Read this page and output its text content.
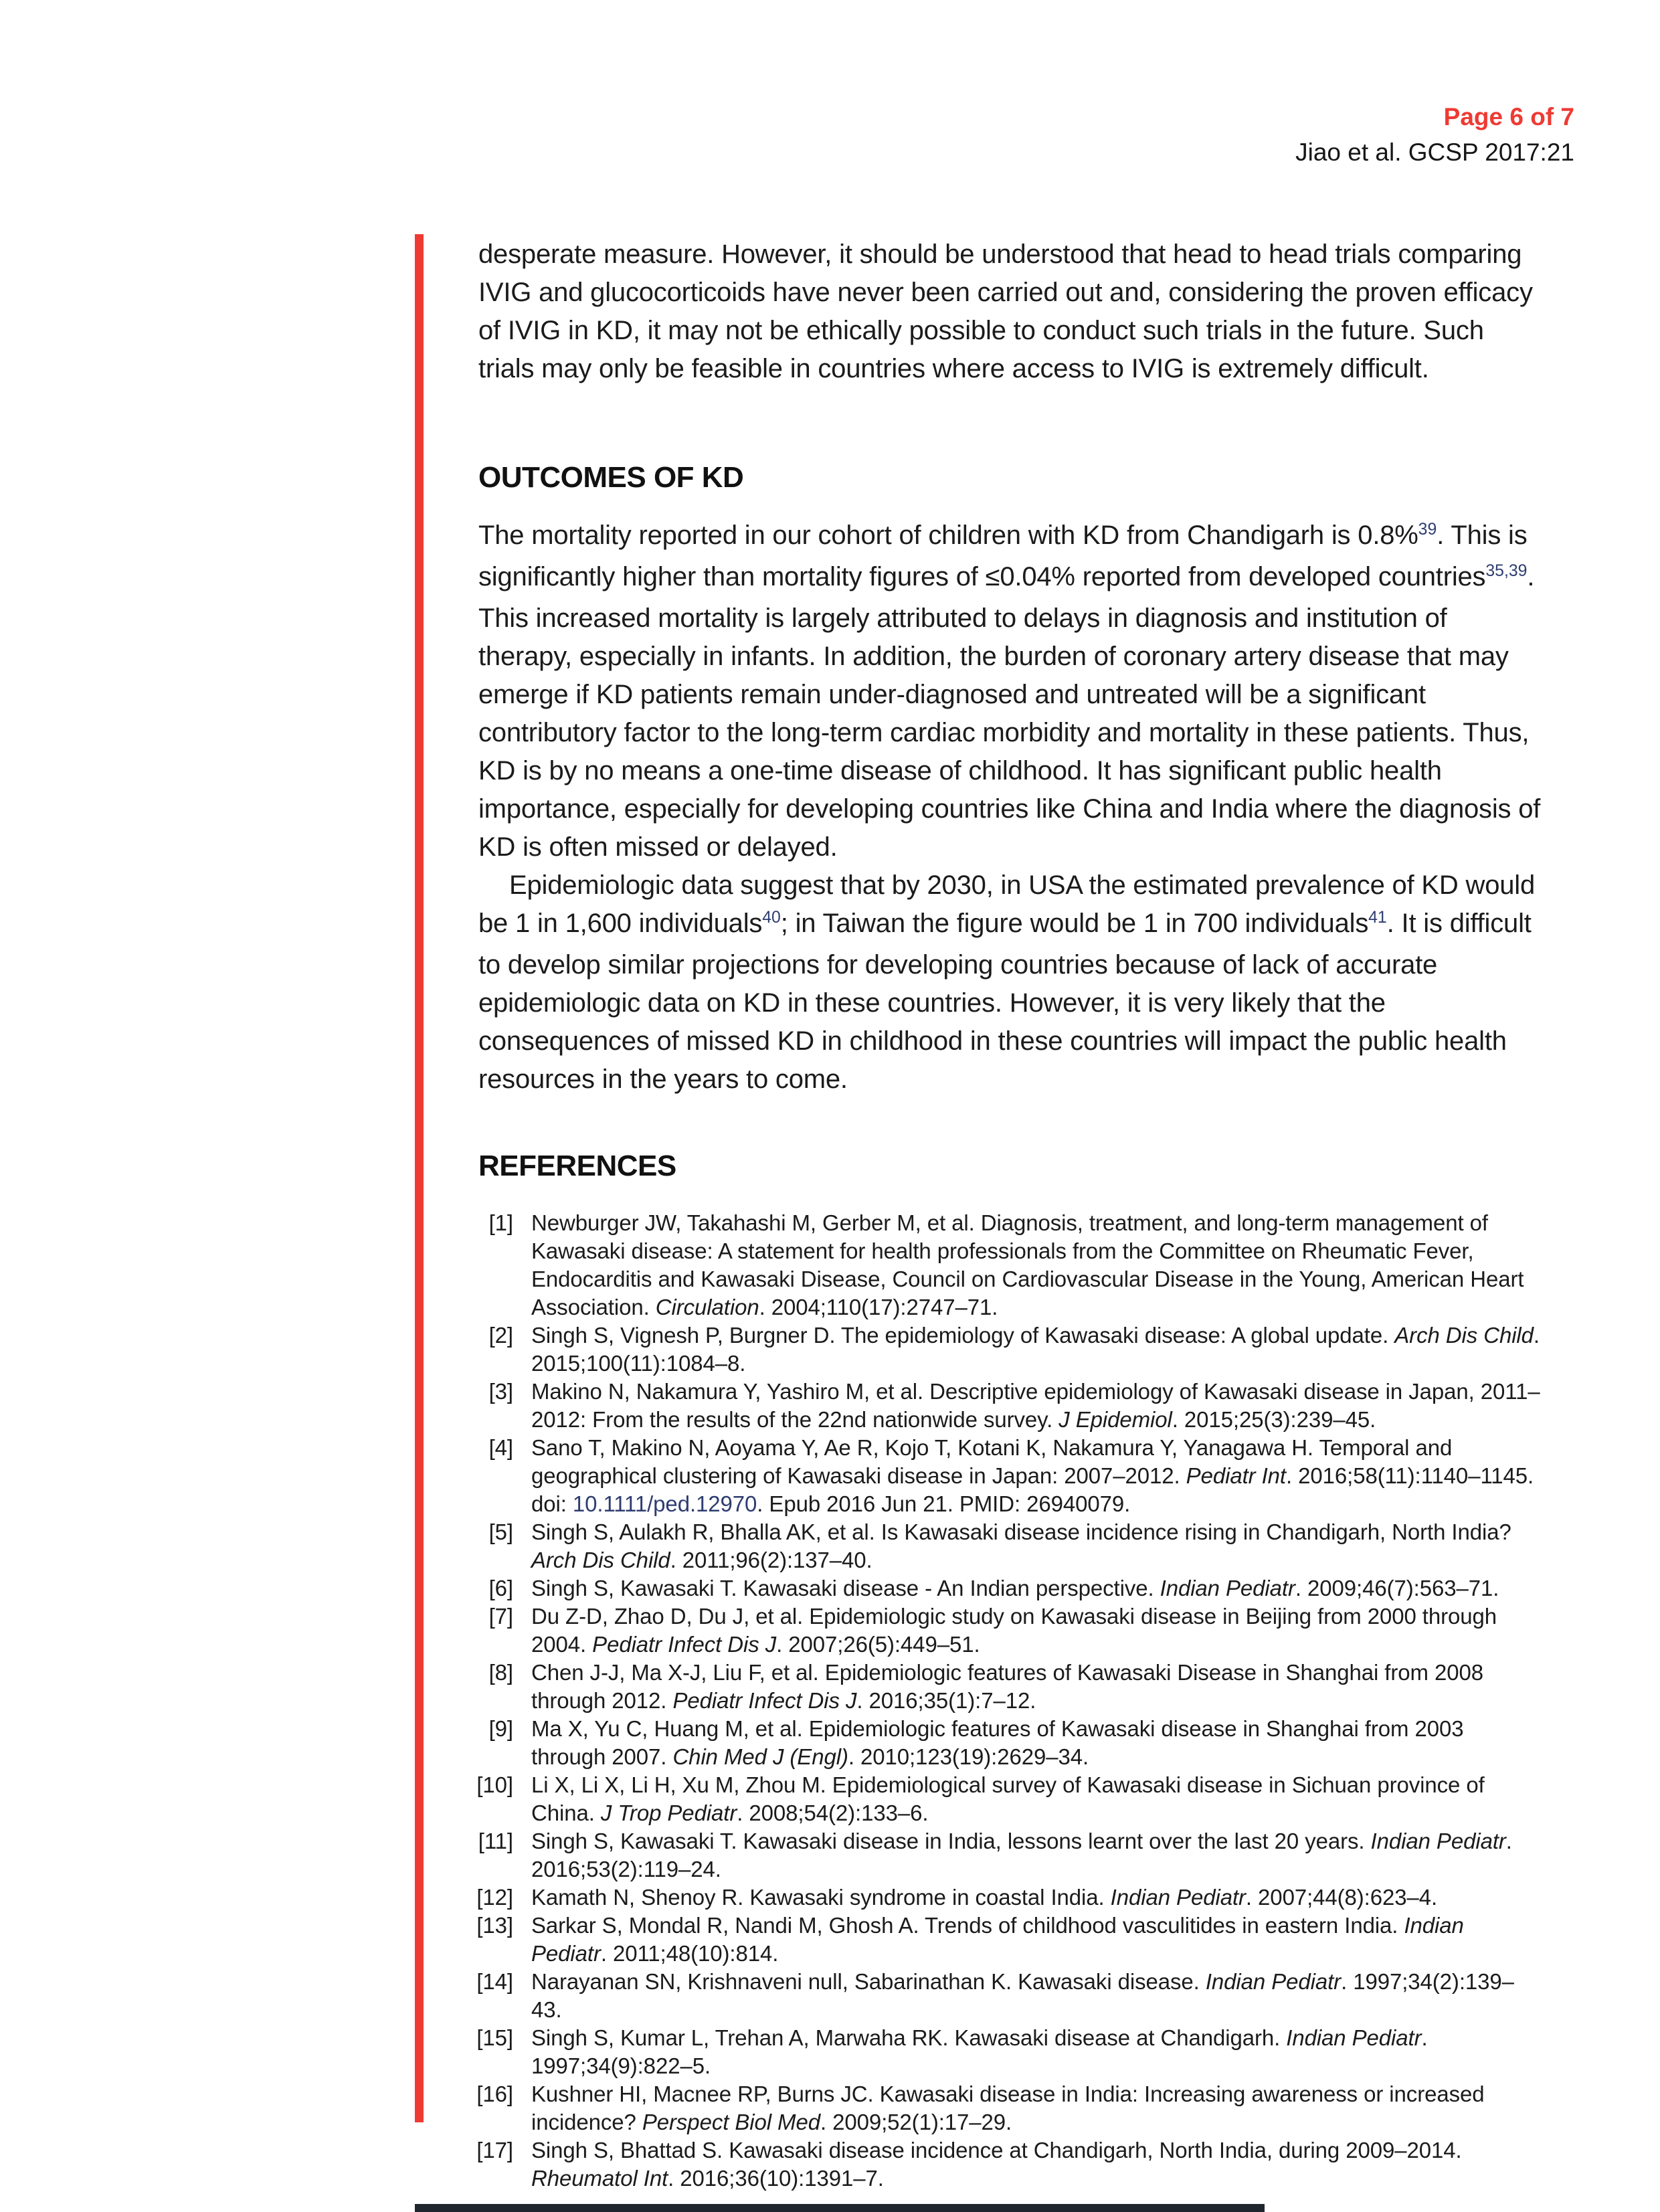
Page 6 of 7
Jiao et al. GCSP 2017:21

desperate measure. However, it should be understood that head to head trials comparing IVIG and glucocorticoids have never been carried out and, considering the proven efficacy of IVIG in KD, it may not be ethically possible to conduct such trials in the future. Such trials may only be feasible in countries where access to IVIG is extremely difficult.

OUTCOMES OF KD

The mortality reported in our cohort of children with KD from Chandigarh is 0.8%$^{39}$. This is significantly higher than mortality figures of ≤0.04% reported from developed countries$^{35,39}$. This increased mortality is largely attributed to delays in diagnosis and institution of therapy, especially in infants. In addition, the burden of coronary artery disease that may emerge if KD patients remain under-diagnosed and untreated will be a significant contributory factor to the long-term cardiac morbidity and mortality in these patients. Thus, KD is by no means a one-time disease of childhood. It has significant public health importance, especially for developing countries like China and India where the diagnosis of KD is often missed or delayed.

Epidemiologic data suggest that by 2030, in USA the estimated prevalence of KD would be 1 in 1,600 individuals$^{40}$; in Taiwan the figure would be 1 in 700 individuals$^{41}$. It is difficult to develop similar projections for developing countries because of lack of accurate epidemiologic data on KD in these countries. However, it is very likely that the consequences of missed KD in childhood in these countries will impact the public health resources in the years to come.

REFERENCES
[1] Newburger JW, Takahashi M, Gerber M, et al. Diagnosis, treatment, and long-term management of Kawasaki disease: A statement for health professionals from the Committee on Rheumatic Fever, Endocarditis and Kawasaki Disease, Council on Cardiovascular Disease in the Young, American Heart Association. Circulation. 2004;110(17):2747–71.
[2] Singh S, Vignesh P, Burgner D. The epidemiology of Kawasaki disease: A global update. Arch Dis Child. 2015;100(11):1084–8.
[3] Makino N, Nakamura Y, Yashiro M, et al. Descriptive epidemiology of Kawasaki disease in Japan, 2011–2012: From the results of the 22nd nationwide survey. J Epidemiol. 2015;25(3):239–45.
[4] Sano T, Makino N, Aoyama Y, Ae R, Kojo T, Kotani K, Nakamura Y, Yanagawa H. Temporal and geographical clustering of Kawasaki disease in Japan: 2007–2012. Pediatr Int. 2016;58(11):1140–1145. doi: 10.1111/ped.12970. Epub 2016 Jun 21. PMID: 26940079.
[5] Singh S, Aulakh R, Bhalla AK, et al. Is Kawasaki disease incidence rising in Chandigarh, North India? Arch Dis Child. 2011;96(2):137–40.
[6] Singh S, Kawasaki T. Kawasaki disease - An Indian perspective. Indian Pediatr. 2009;46(7):563–71.
[7] Du Z-D, Zhao D, Du J, et al. Epidemiologic study on Kawasaki disease in Beijing from 2000 through 2004. Pediatr Infect Dis J. 2007;26(5):449–51.
[8] Chen J-J, Ma X-J, Liu F, et al. Epidemiologic features of Kawasaki Disease in Shanghai from 2008 through 2012. Pediatr Infect Dis J. 2016;35(1):7–12.
[9] Ma X, Yu C, Huang M, et al. Epidemiologic features of Kawasaki disease in Shanghai from 2003 through 2007. Chin Med J (Engl). 2010;123(19):2629–34.
[10] Li X, Li X, Li H, Xu M, Zhou M. Epidemiological survey of Kawasaki disease in Sichuan province of China. J Trop Pediatr. 2008;54(2):133–6.
[11] Singh S, Kawasaki T. Kawasaki disease in India, lessons learnt over the last 20 years. Indian Pediatr. 2016;53(2):119–24.
[12] Kamath N, Shenoy R. Kawasaki syndrome in coastal India. Indian Pediatr. 2007;44(8):623–4.
[13] Sarkar S, Mondal R, Nandi M, Ghosh A. Trends of childhood vasculitides in eastern India. Indian Pediatr. 2011;48(10):814.
[14] Narayanan SN, Krishnaveni null, Sabarinathan K. Kawasaki disease. Indian Pediatr. 1997;34(2):139–43.
[15] Singh S, Kumar L, Trehan A, Marwaha RK. Kawasaki disease at Chandigarh. Indian Pediatr. 1997;34(9):822–5.
[16] Kushner HI, Macnee RP, Burns JC. Kawasaki disease in India: Increasing awareness or increased incidence? Perspect Biol Med. 2009;52(1):17–29.
[17] Singh S, Bhattad S. Kawasaki disease incidence at Chandigarh, North India, during 2009–2014. Rheumatol Int. 2016;36(10):1391–7.
